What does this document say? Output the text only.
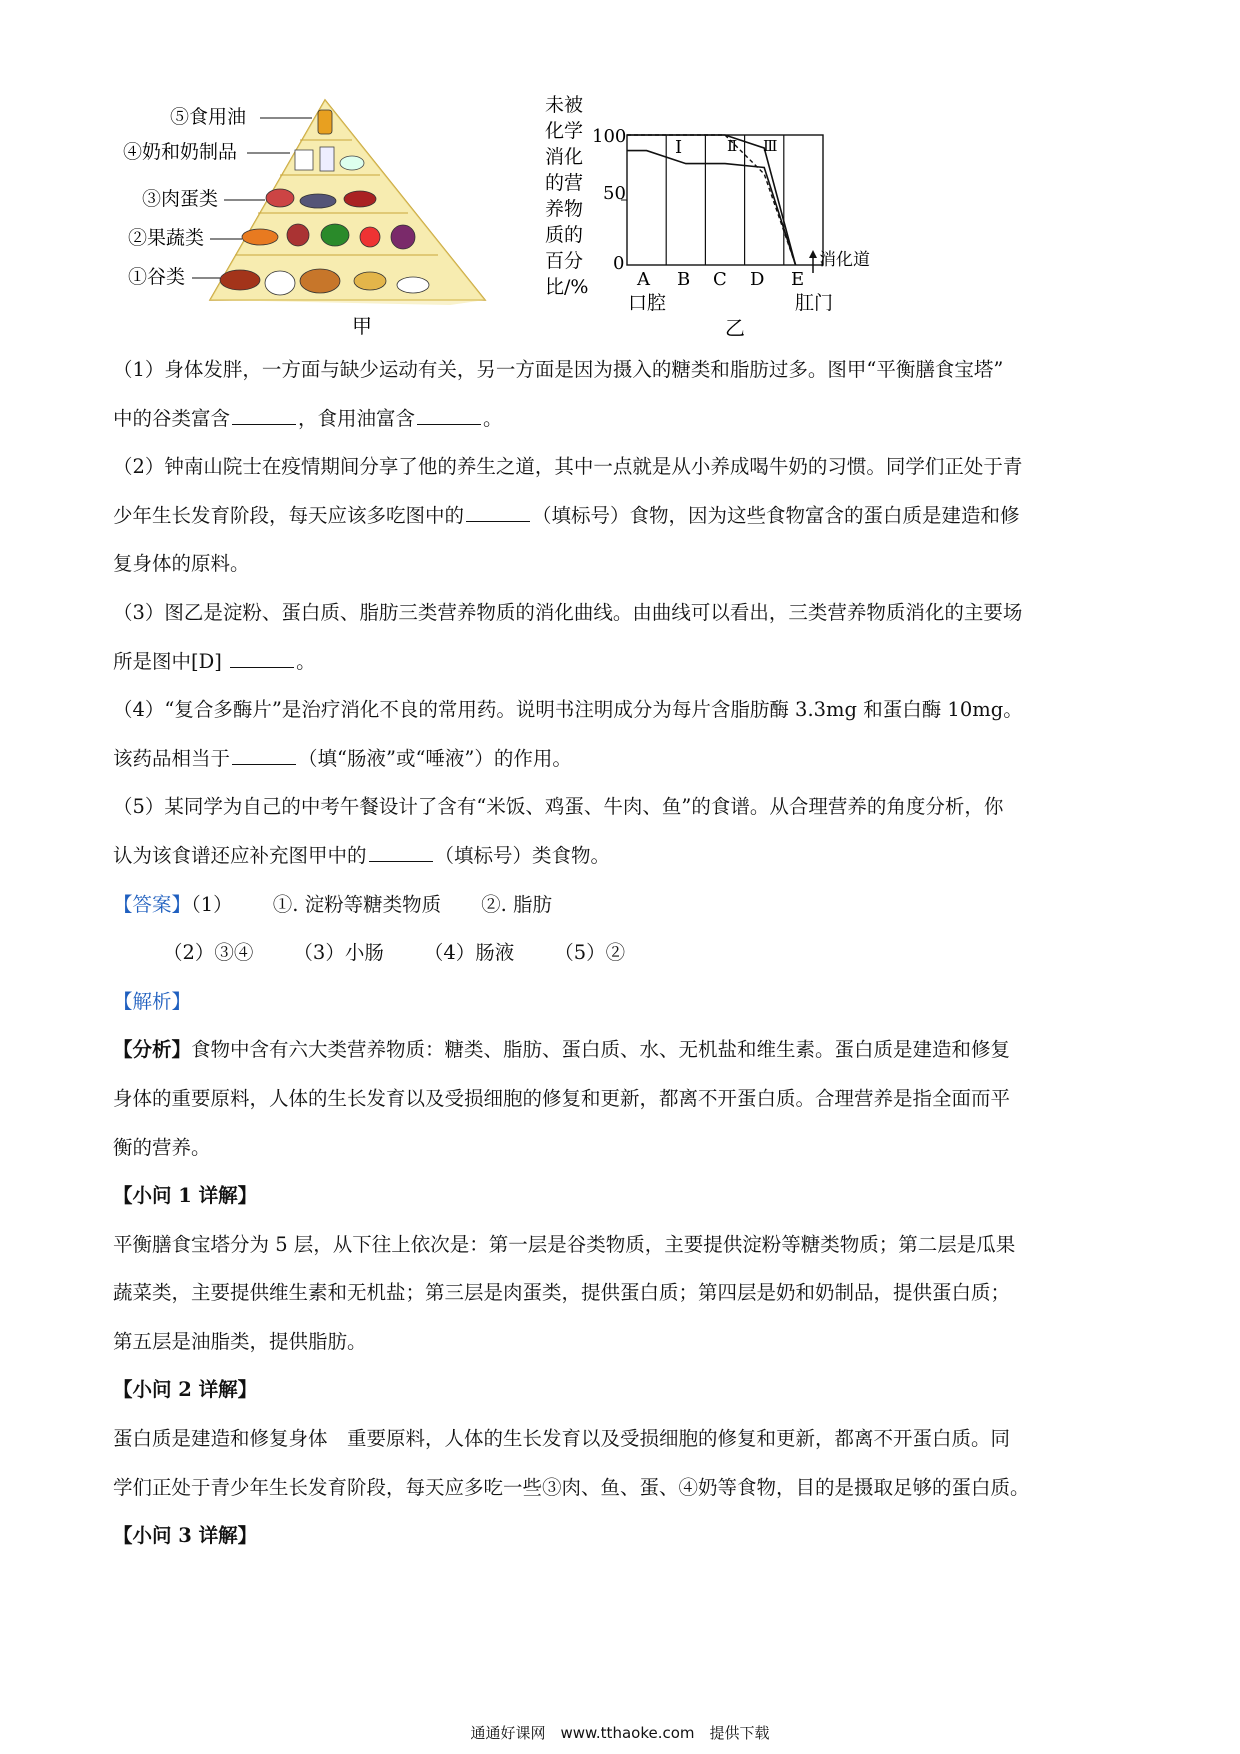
⑤食用油
④奶和奶制品
③肉蛋类
②果蔬类
①谷类
甲
未被
化学
消化
的营
养物
质的
百分
比/%
100
50
0
A B C D E
Ⅰ	Ⅱ Ⅲ
消化道
口腔	肛门
乙

（1）身体发胖，一方面与缺少运动有关，另一方面是因为摄入的糖类和脂肪过多。图甲“平衡膳食宝塔”

中的谷类富含	，食用油富含	。

（2）钟南山院士在疫情期间分享了他的养生之道，其中一点就是从小养成喝牛奶的习惯。同学们正处于青

少年生长发育阶段，每天应该多吃图中的	（填标号）食物，因为这些食物富含的蛋白质是建造和修

复身体的原料。

（3）图乙是淀粉、蛋白质、脂肪三类营养物质的消化曲线。由曲线可以看出，三类营养物质消化的主要场

所是图中[D]	。

（4）“复合多酶片”是治疗消化不良的常用药。说明书注明成分为每片含脂肪酶 3.3mg 和蛋白酶 10mg。

该药品相当于	（填“肠液”或“唾液”）的作用。

（5）某同学为自己的中考午餐设计了含有“米饭、鸡蛋、牛肉、鱼”的食谱。从合理营养的角度分析，你

认为该食谱还应补充图甲中的	（填标号）类食物。

【答案】（1） ①. 淀粉等糖类物质 ②. 脂肪

（2）③④ （3）小肠 （4）肠液 （5）②

【解析】

【分析】食物中含有六大类营养物质：糖类、脂肪、蛋白质、水、无机盐和维生素。蛋白质是建造和修复

身体的重要原料，人体的生长发育以及受损细胞的修复和更新，都离不开蛋白质。合理营养是指全面而平

衡的营养。

【小问 1 详解】

平衡膳食宝塔分为 5 层，从下往上依次是：第一层是谷类物质，主要提供淀粉等糖类物质；第二层是瓜果

蔬菜类，主要提供维生素和无机盐；第三层是肉蛋类，提供蛋白质；第四层是奶和奶制品，提供蛋白质；

第五层是油脂类，提供脂肪。

【小问 2 详解】

蛋白质是建造和修复身体　重要原料，人体的生长发育以及受损细胞的修复和更新，都离不开蛋白质。同

学们正处于青少年生长发育阶段，每天应多吃一些③肉、鱼、蛋、④奶等食物，目的是摄取足够的蛋白质。

【小问 3 详解】

通通好课网　www.tthaoke.com　提供下载
